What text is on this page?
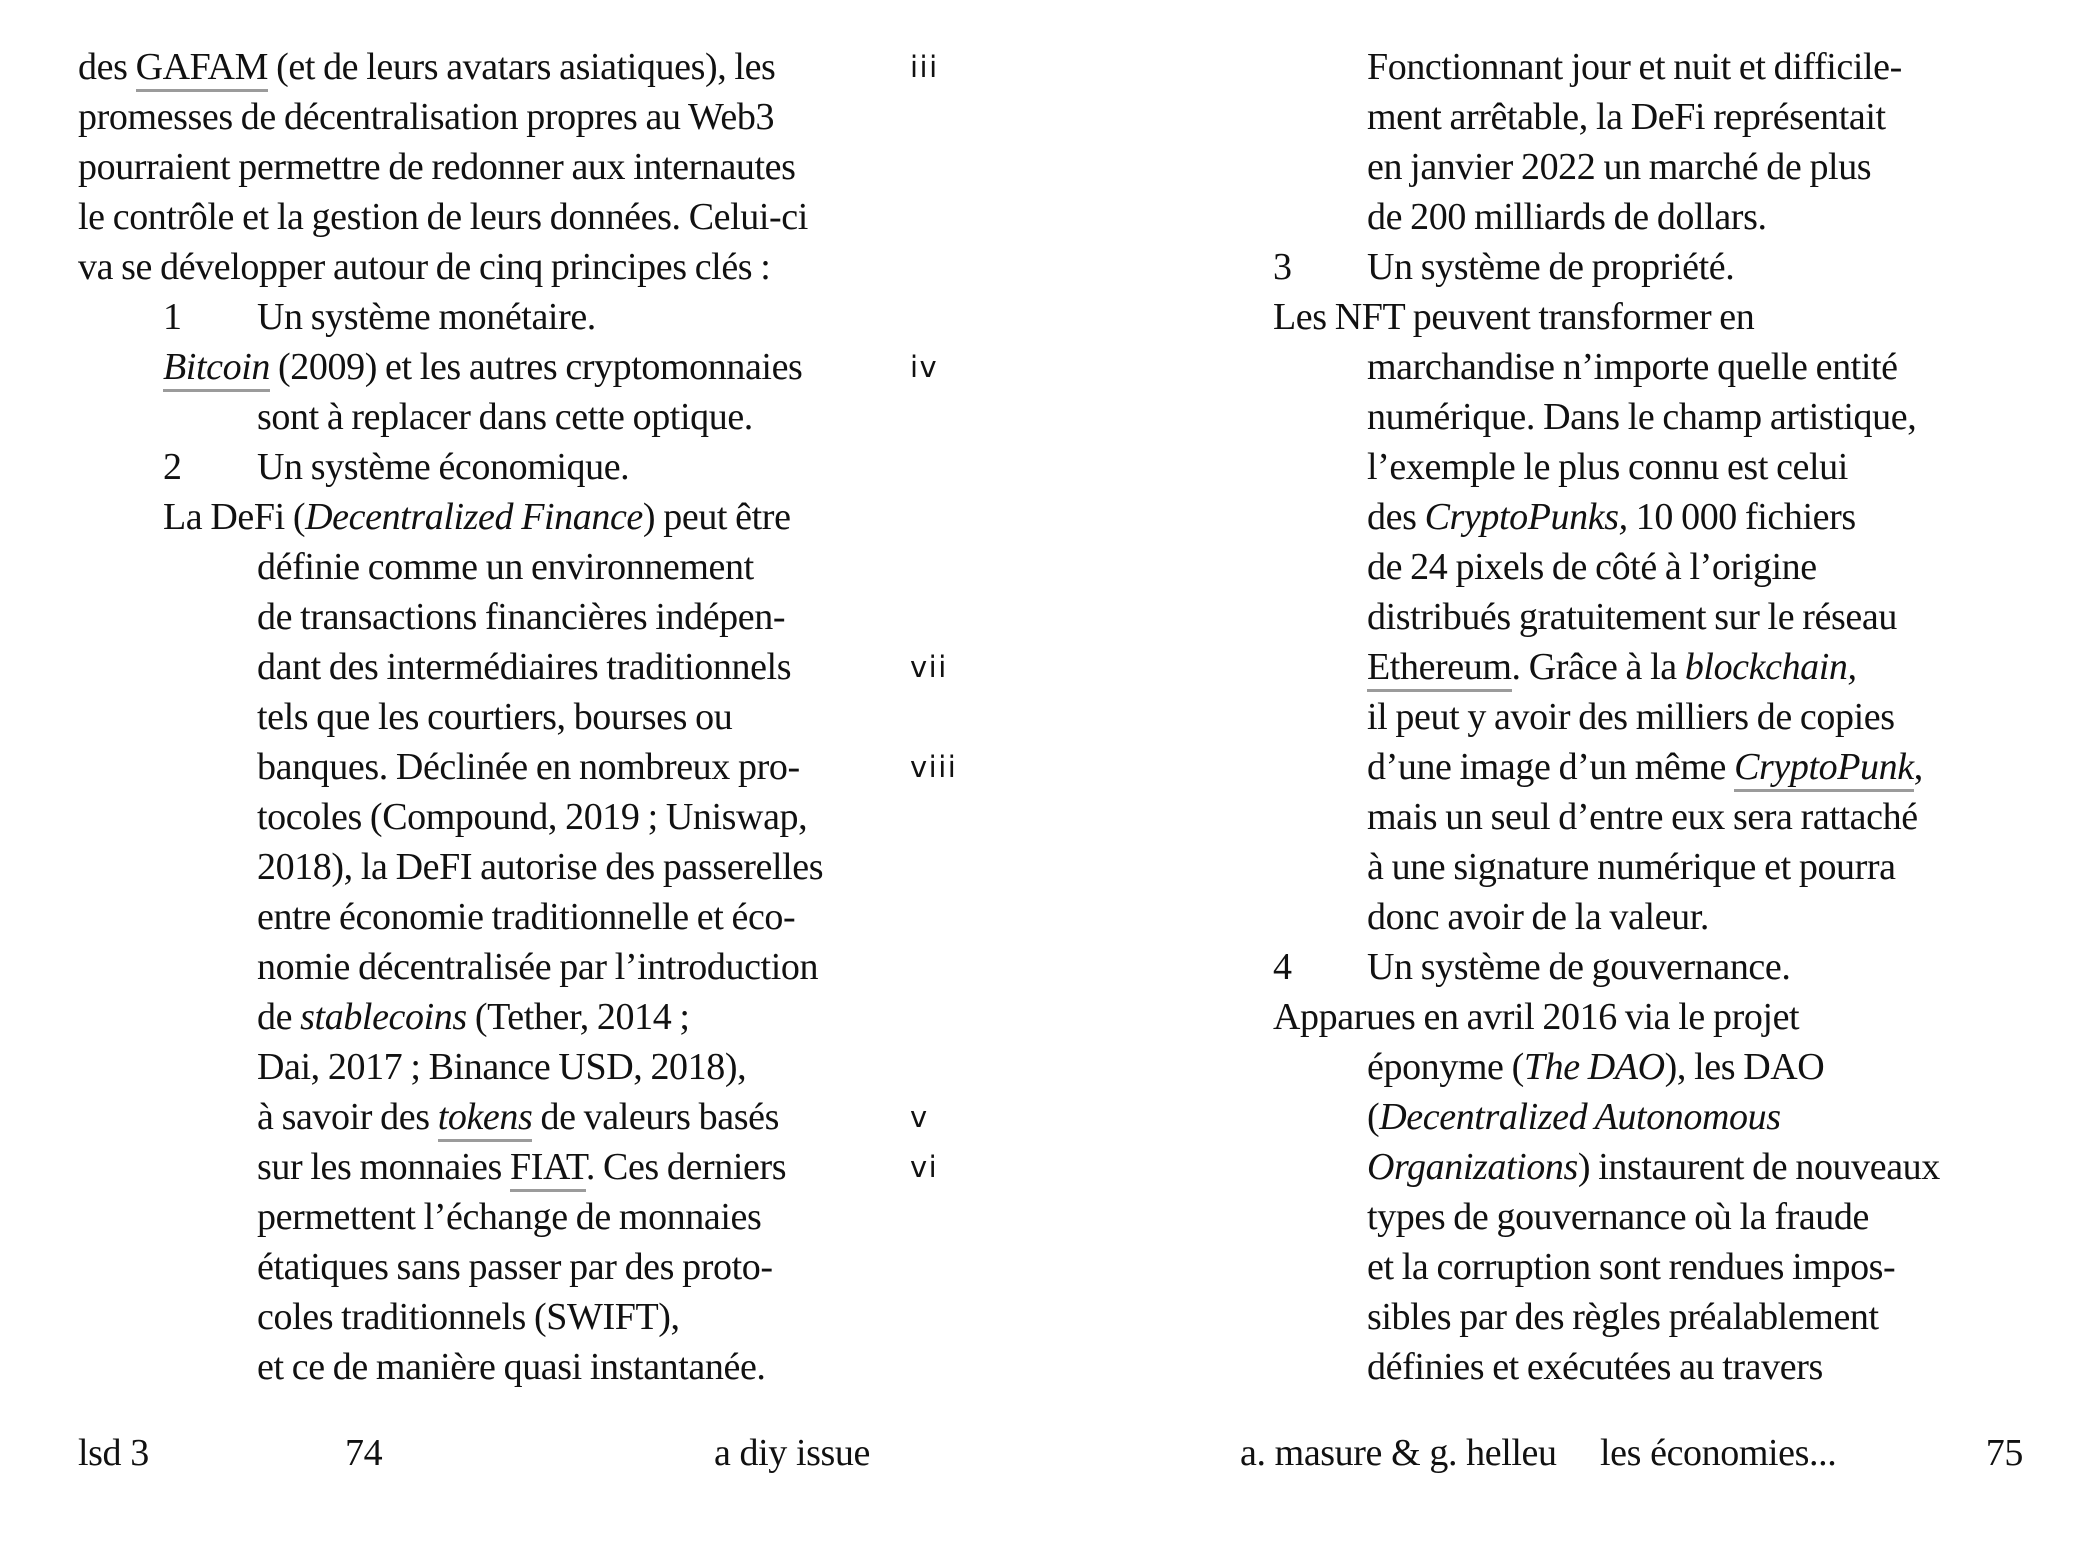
des GAFAM (et de leurs avatars asiatiques), les
promesses de décentralisation propres au Web3
pourraient permettre de redonner aux internautes
le contrôle et la gestion de leurs données. Celui-ci
va se développer autour de cinq principes clés :
1 Un système monétaire.
Bitcoin (2009) et les autres cryptomonnaies
sont à replacer dans cette optique.
2 Un système économique.
La DeFi (Decentralized Finance) peut être
définie comme un environnement
de transactions financières indépen-
dant des intermédiaires traditionnels
tels que les courtiers, bourses ou
banques. Déclinée en nombreux pro-
tocoles (Compound, 2019 ; Uniswap,
2018), la DeFI autorise des passerelles
entre économie traditionnelle et éco-
nomie décentralisée par l’introduction
de stablecoins (Tether, 2014 ;
Dai, 2017 ; Binance USD, 2018),
à savoir des tokens de valeurs basés
sur les monnaies FIAT. Ces derniers
permettent l’échange de monnaies
étatiques sans passer par des proto-
coles traditionnels (SWIFT),
et ce de manière quasi instantanée.
iii
iv
vii
viii
v
vi
Fonctionnant jour et nuit et difficile-
ment arrêtable, la DeFi représentait
en janvier 2022 un marché de plus
de 200 milliards de dollars.
3 Un système de propriété.
Les NFT peuvent transformer en
marchandise n’importe quelle entité
numérique. Dans le champ artistique,
l’exemple le plus connu est celui
des CryptoPunks, 10 000 fichiers
de 24 pixels de côté à l’origine
distribués gratuitement sur le réseau
Ethereum. Grâce à la blockchain,
il peut y avoir des milliers de copies
d’une image d’un même CryptoPunk,
mais un seul d’entre eux sera rattaché
à une signature numérique et pourra
donc avoir de la valeur.
4 Un système de gouvernance.
Apparues en avril 2016 via le projet
éponyme (The DAO), les DAO
(Decentralized Autonomous
Organizations) instaurent de nouveaux
types de gouvernance où la fraude
et la corruption sont rendues impos-
sibles par des règles préalablement
définies et exécutées au travers
lsd 3	74	a diy issue	a. masure & g. helleu les économies...	75
